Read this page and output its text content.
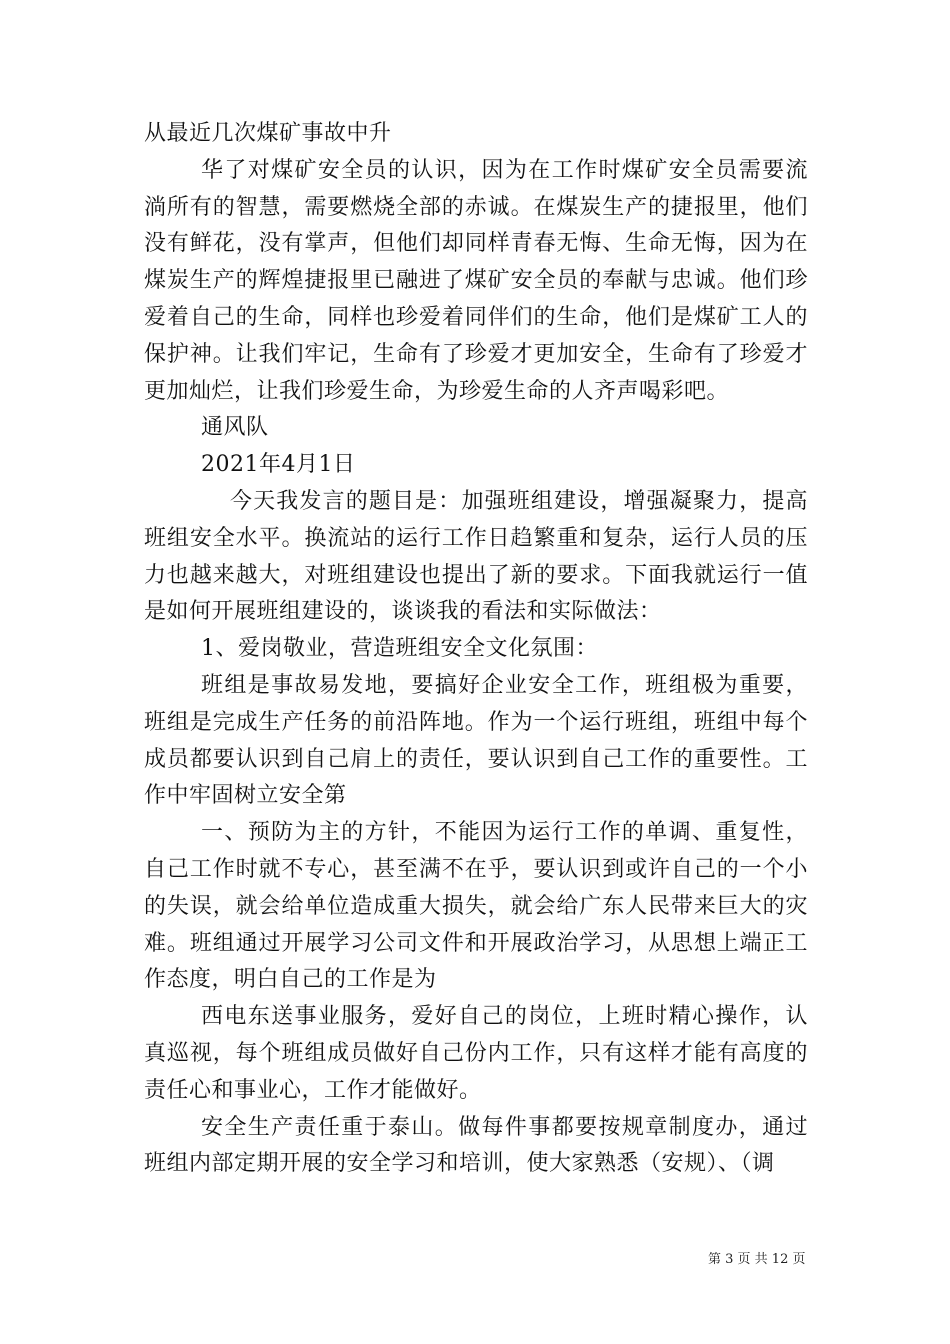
从最近几次煤矿事故中升

华了对煤矿安全员的认识，因为在工作时煤矿安全员需要流淌所有的智慧，需要燃烧全部的赤诚。在煤炭生产的捷报里，他们没有鲜花，没有掌声，但他们却同样青春无悔、生命无悔，因为在煤炭生产的辉煌捷报里已融进了煤矿安全员的奉献与忠诚。他们珍爱着自己的生命，同样也珍爱着同伴们的生命，他们是煤矿工人的保护神。让我们牢记，生命有了珍爱才更加安全，生命有了珍爱才更加灿烂，让我们珍爱生命，为珍爱生命的人齐声喝彩吧。

通风队

2021年4月1日

今天我发言的题目是：加强班组建设，增强凝聚力，提高班组安全水平。换流站的运行工作日趋繁重和复杂，运行人员的压力也越来越大，对班组建设也提出了新的要求。下面我就运行一值是如何开展班组建设的，谈谈我的看法和实际做法：

1、爱岗敬业，营造班组安全文化氛围：

班组是事故易发地，要搞好企业安全工作，班组极为重要，班组是完成生产任务的前沿阵地。作为一个运行班组，班组中每个成员都要认识到自己肩上的责任，要认识到自己工作的重要性。工作中牢固树立安全第

一、预防为主的方针，不能因为运行工作的单调、重复性，自己工作时就不专心，甚至满不在乎，要认识到或许自己的一个小的失误，就会给单位造成重大损失，就会给广东人民带来巨大的灾难。班组通过开展学习公司文件和开展政治学习，从思想上端正工作态度，明白自己的工作是为

西电东送事业服务，爱好自己的岗位，上班时精心操作，认真巡视，每个班组成员做好自己份内工作，只有这样才能有高度的责任心和事业心，工作才能做好。

安全生产责任重于泰山。做每件事都要按规章制度办，通过班组内部定期开展的安全学习和培训，使大家熟悉（安规）、（调

第 3 页 共 12 页
